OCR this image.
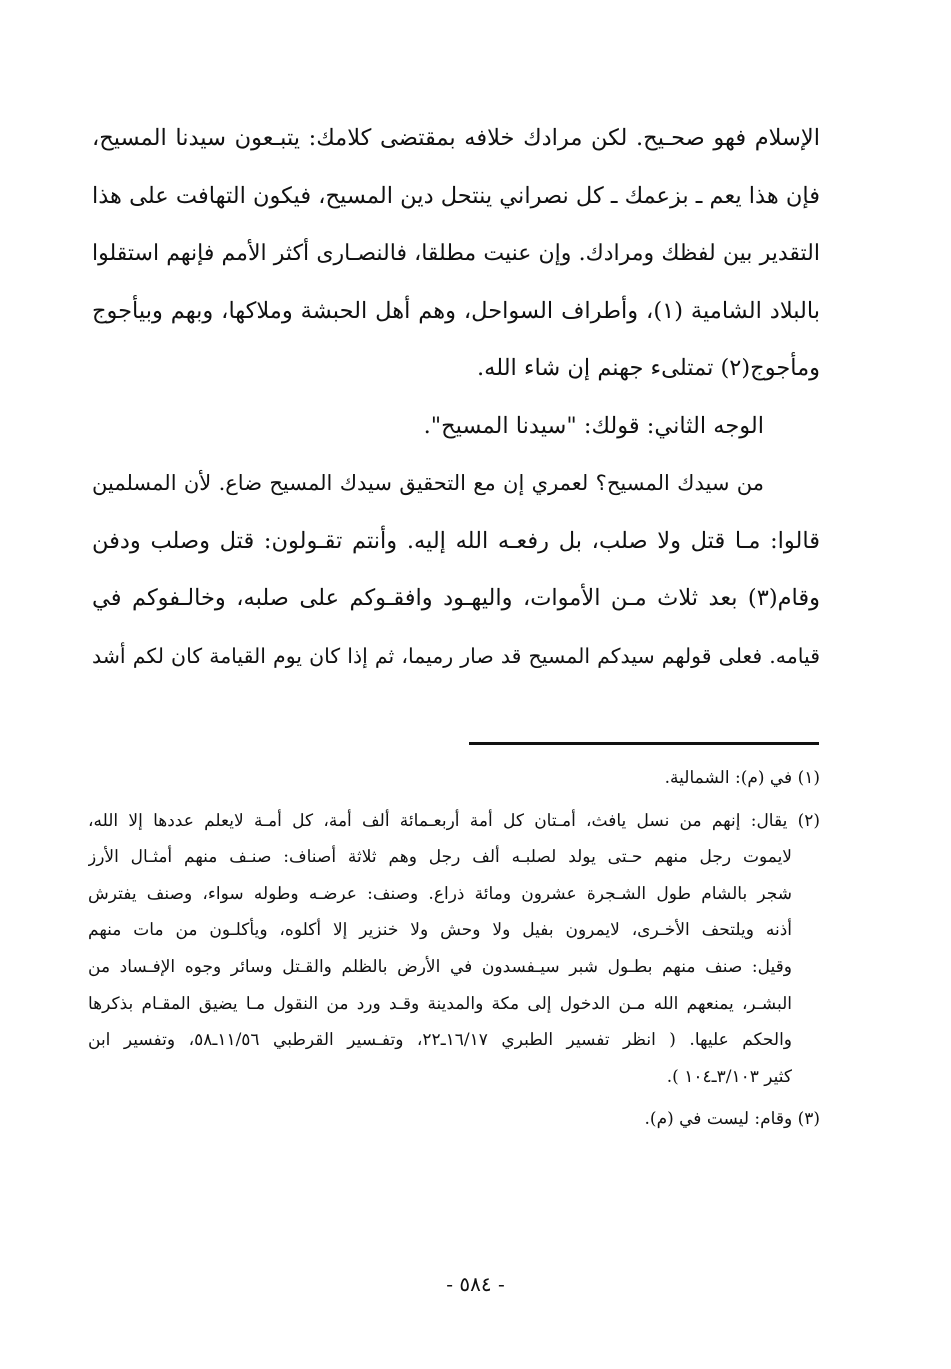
الإسلام فهو صحـيح. لكن مرادك خلافه بمقتضى كلامك: يتبـعون سيدنا المسيح،
فإن هذا يعم ـ بزعمك ـ كل نصراني ينتحل دين المسيح، فيكون التهافت على هذا
التقدير بين لفظك ومرادك. وإن عنيت مطلقا، فالنصـارى أكثر الأمم فإنهم استقلوا
بالبلاد الشامية (١)، وأطراف السواحل، وهم أهل الحبشة وملاكها، وبهم وبيأجوج
ومأجوج(٢) تمتلىء جهنم إن شاء الله.
الوجه الثاني: قولك: "سيدنا المسيح".
من سيدك المسيح؟ لعمري إن مع التحقيق سيدك المسيح ضاع. لأن المسلمين
قالوا: مـا قتل ولا صلب، بل رفعـه الله إليه. وأنتم تقـولون: قتل وصلب ودفن
وقام(٣) بعد ثلاث مـن الأموات، واليهـود وافقـوكم على صلبه، وخالـفوكم في
قيامه. فعلى قولهم سيدكم المسيح قد صار رميما، ثم إذا كان يوم القيامة كان لكم أشد
(١) في (م): الشمالية.
(٢) يقال: إنهم من نسل يافث، أمـتان كل أمة أربعـمائة ألف أمة، كل أمـة لايعلم عددها إلا الله،
لايموت رجل منهم حـتى يولد لصلبـه ألف رجل وهم ثلاثة أصناف: صنـف منهم أمثـال الأرز
شجر بالشام طول الشـجرة عشرون ومائة ذراع. وصنف: عرضـه وطوله سواء، وصنف يفترش
أذنه ويلتحف الأخـرى، لايمرون بفيل ولا وحش ولا خنزير إلا أكلوه، ويأكلـون من مات منهم
وقيل: صنف منهم بطـول شبر سيـفسدون في الأرض بالظلم والقـتل وسائر وجوه الإفـساد من
البشـر، يمنعهم الله مـن الدخول إلى مكة والمدينة وقـد ورد من النقول مـا يضيق المقـام بذكرها
والحكم عليها. ( انظر تفسير الطبري ١٦/١٧ـ٢٢، وتفـسير القرطبي ١١/٥٦ـ٥٨، وتفسير ابن
كثير ٣/١٠٣ـ١٠٤ ).
(٣) وقام: ليست في (م).
- ٥٨٤ -
